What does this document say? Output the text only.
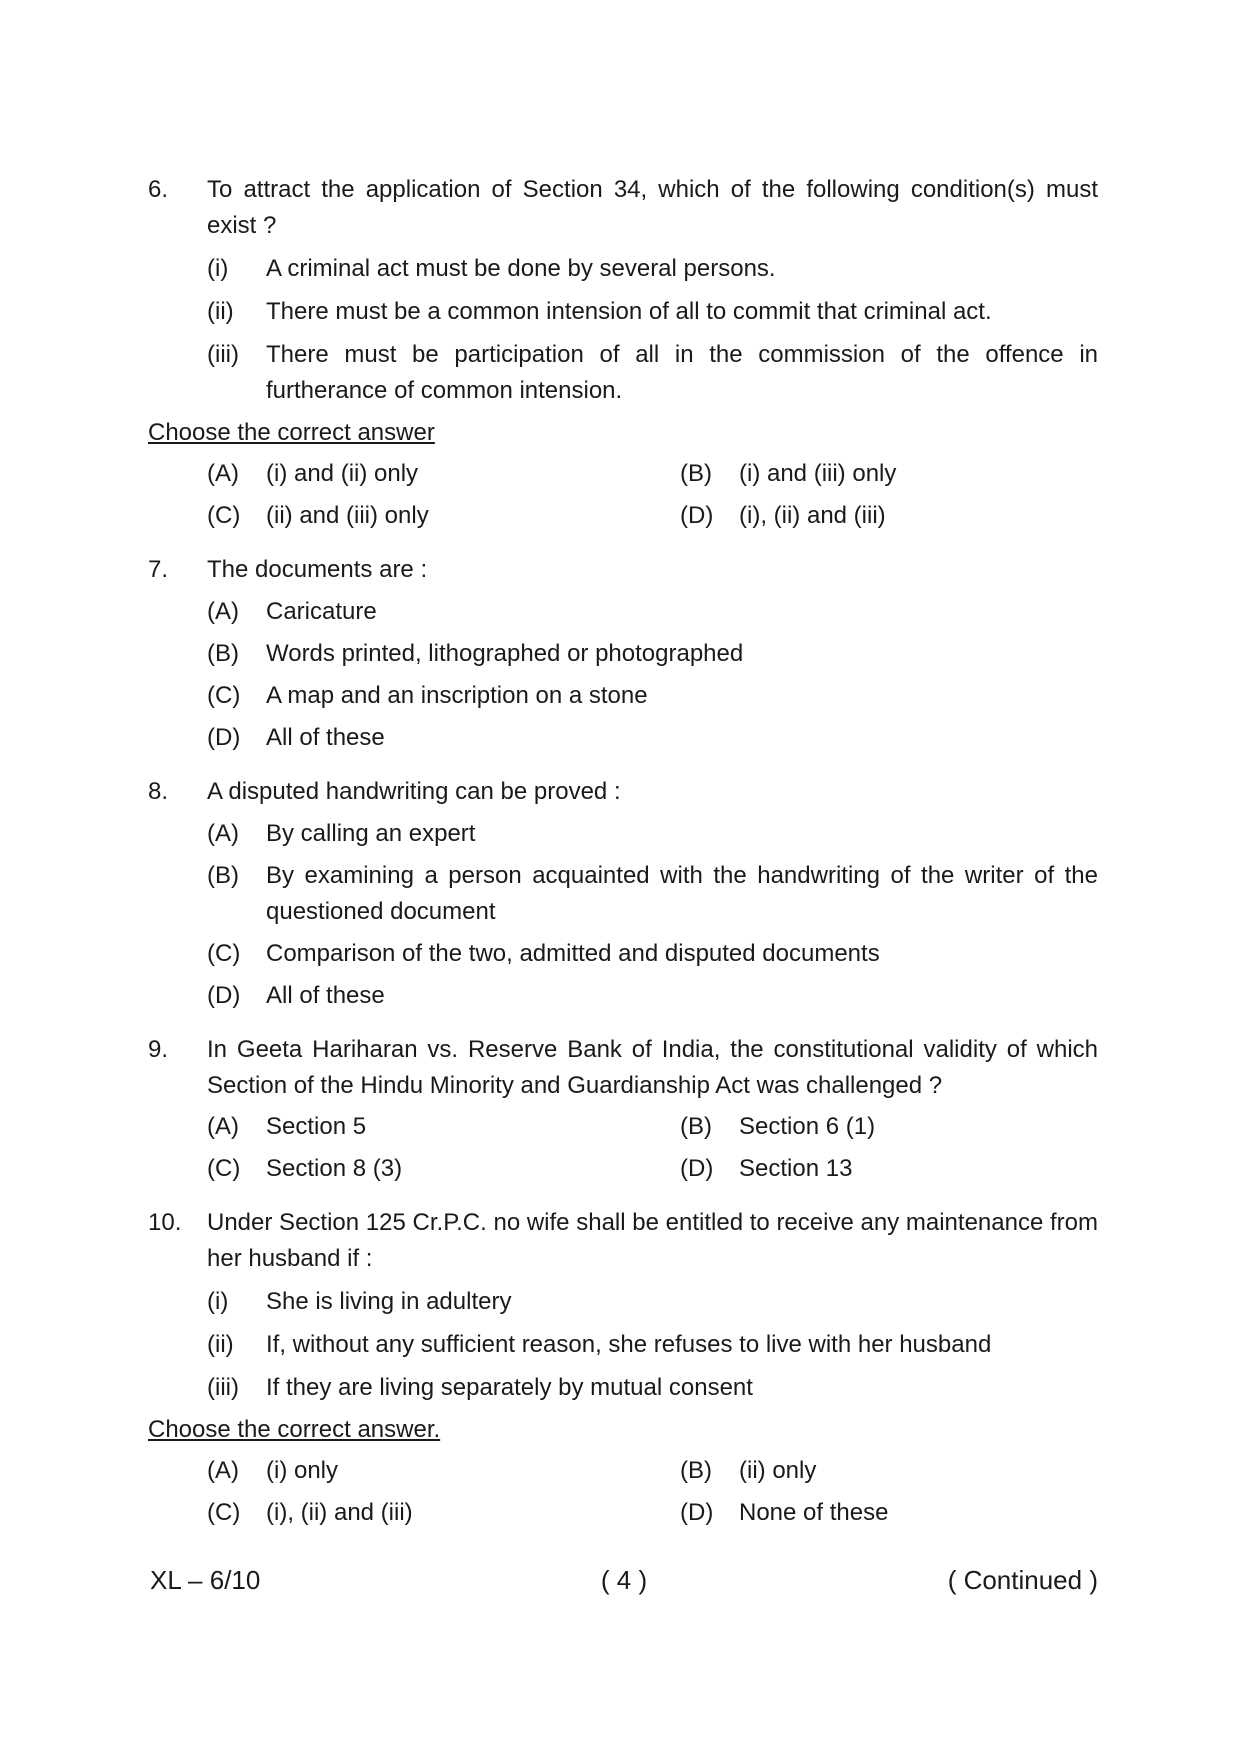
6. To attract the application of Section 34, which of the following condition(s) must exist ?
(i) A criminal act must be done by several persons.
(ii) There must be a common intension of all to commit that criminal act.
(iii) There must be participation of all in the commission of the offence in furtherance of common intension.
Choose the correct answer
(A) (i) and (ii) only	(B) (i) and (iii) only
(C) (ii) and (iii) only	(D) (i), (ii) and (iii)
7. The documents are :
(A) Caricature
(B) Words printed, lithographed or photographed
(C) A map and an inscription on a stone
(D) All of these
8. A disputed handwriting can be proved :
(A) By calling an expert
(B) By examining a person acquainted with the handwriting of the writer of the questioned document
(C) Comparison of the two, admitted and disputed documents
(D) All of these
9. In Geeta Hariharan vs. Reserve Bank of India, the constitutional validity of which Section of the Hindu Minority and Guardianship Act was challenged ?
(A) Section 5	(B) Section 6 (1)
(C) Section 8 (3)	(D) Section 13
10. Under Section 125 Cr.P.C. no wife shall be entitled to receive any maintenance from her husband if :
(i) She is living in adultery
(ii) If, without any sufficient reason, she refuses to live with her husband
(iii) If they are living separately by mutual consent
Choose the correct answer.
(A) (i) only	(B) (ii) only
(C) (i), (ii) and (iii)	(D) None of these
XL – 6/10	( 4 )	( Continued )
